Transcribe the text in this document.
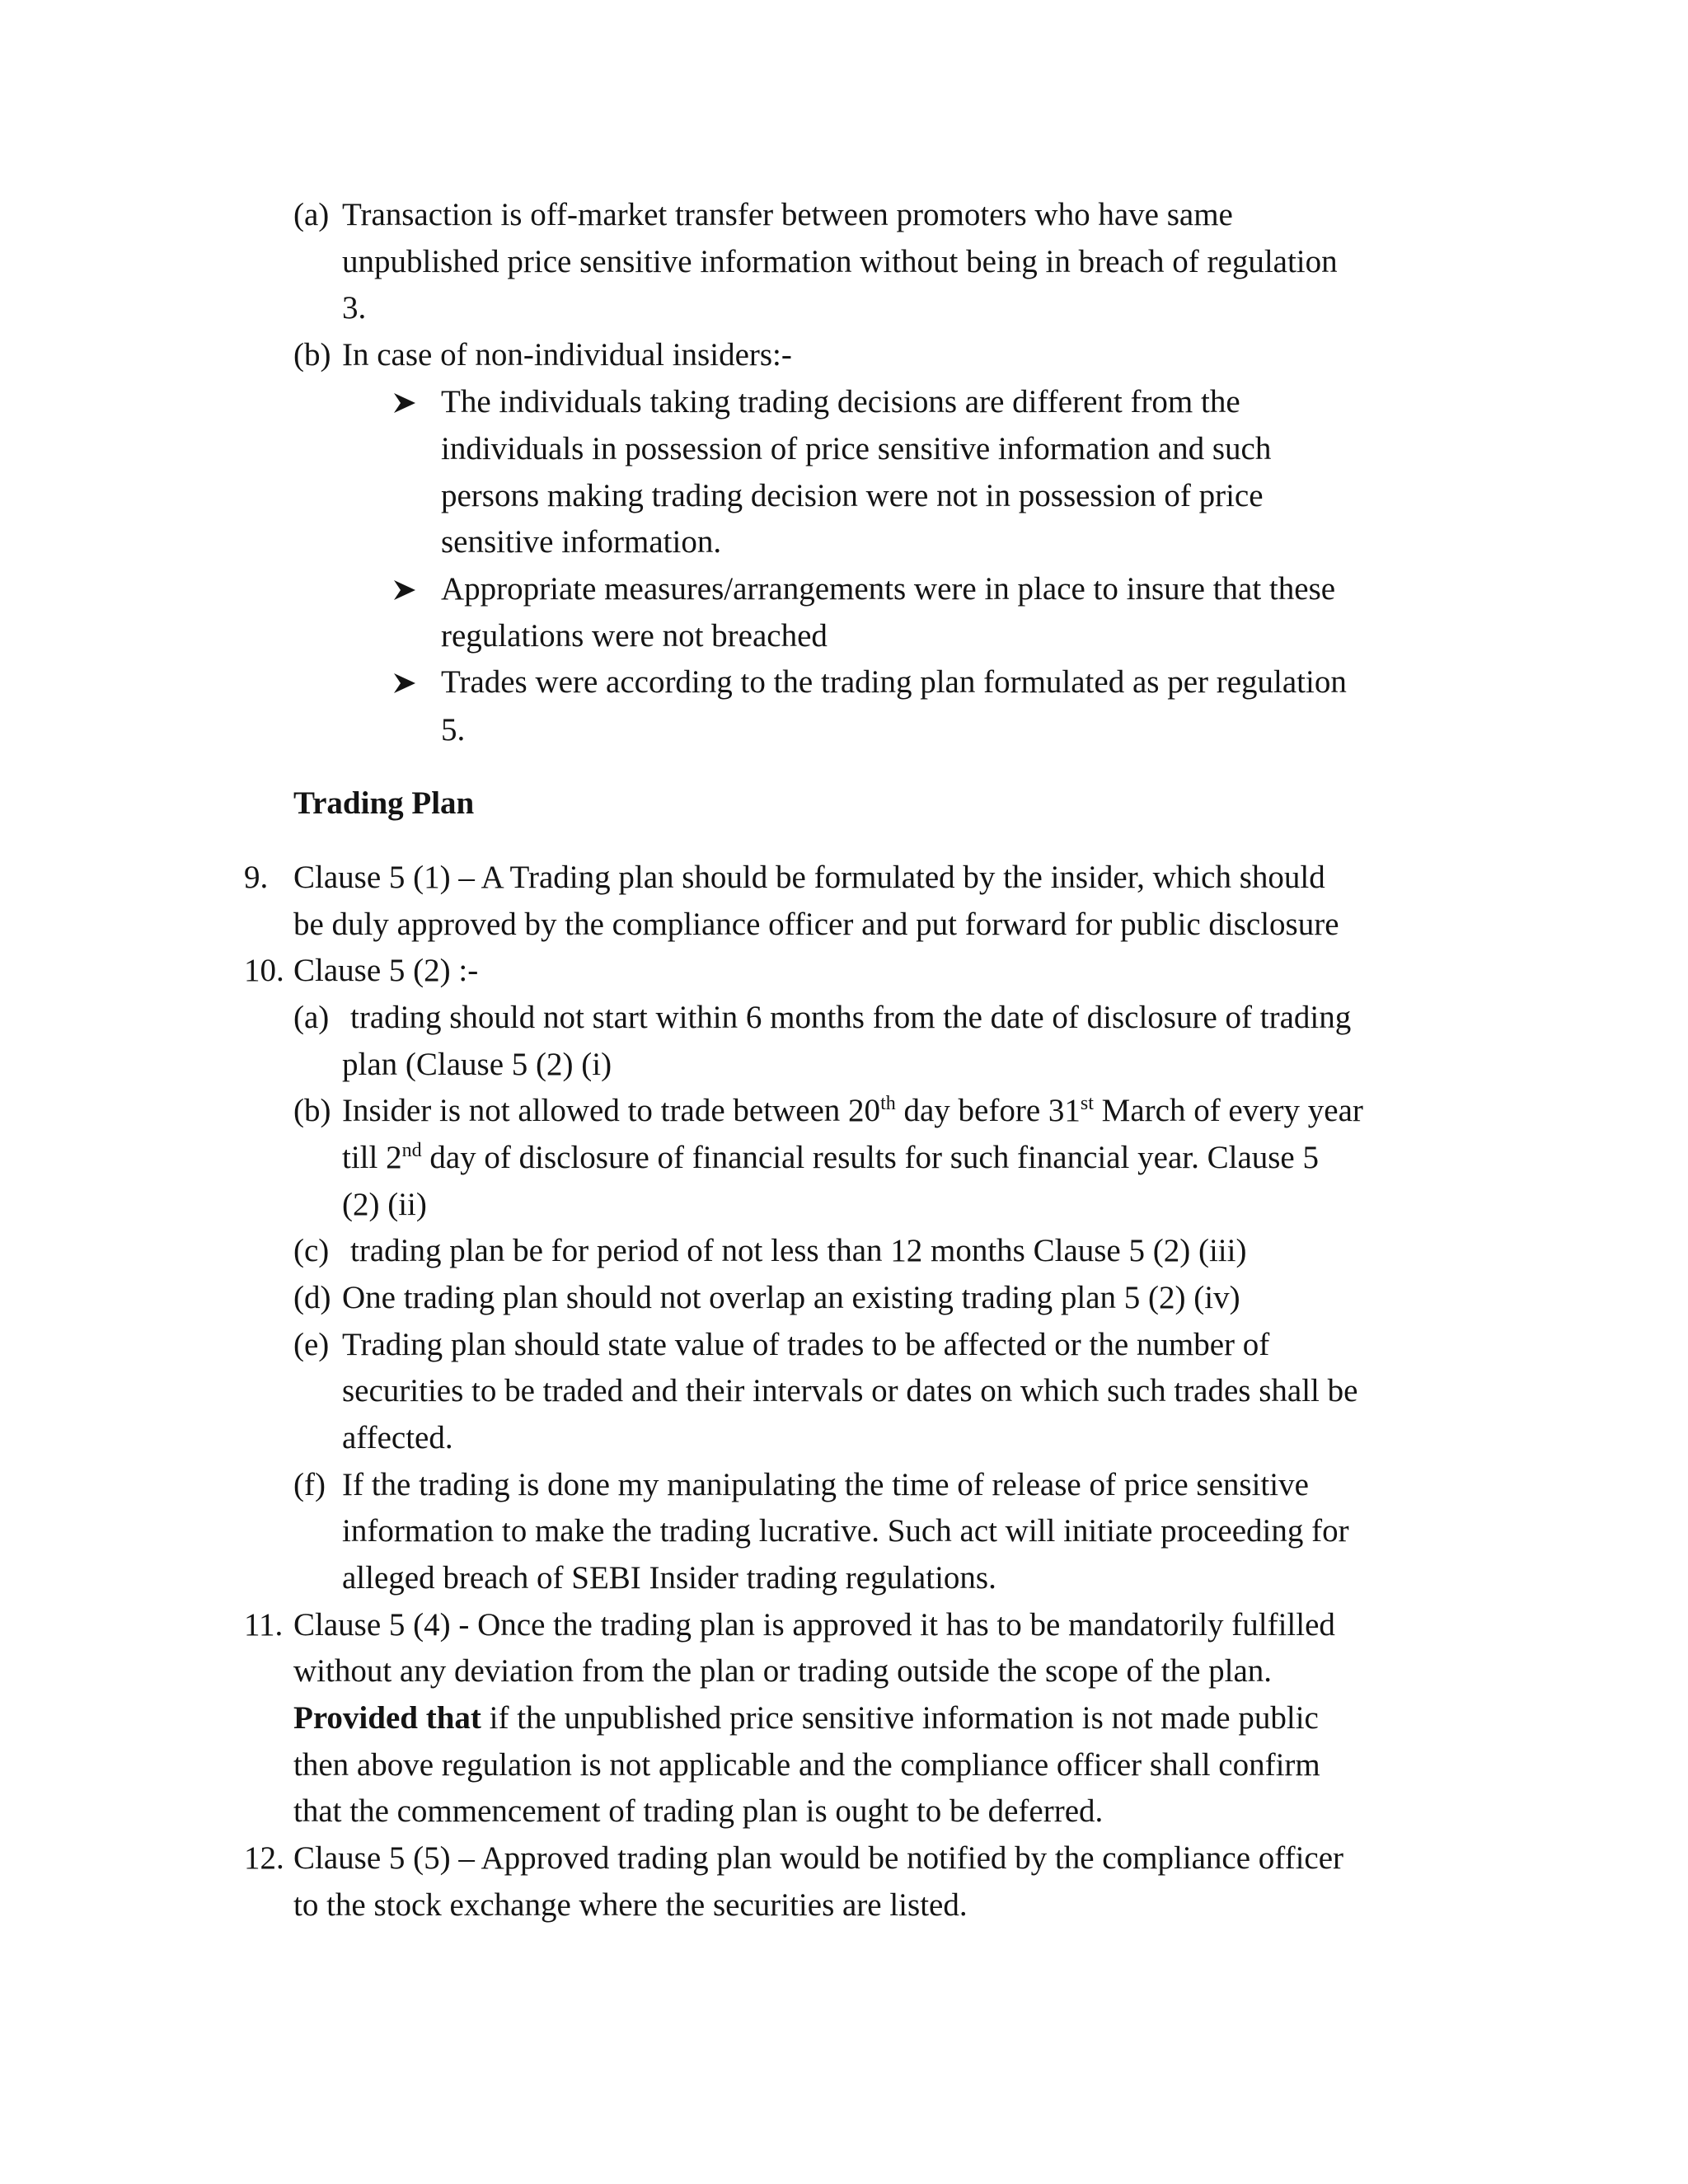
(a) Transaction is off-market transfer between promoters who have same
unpublished price sensitive information without being in breach of regulation
3.
(b) In case of non-individual insiders:-
The individuals taking trading decisions are different from the
individuals in possession of price sensitive information and such
persons making trading decision were not in possession of price
sensitive information.
Appropriate measures/arrangements were in place to insure that these
regulations were not breached
Trades were according to the trading plan formulated as per regulation
5.
Trading Plan
9. Clause 5 (1) – A Trading plan should be formulated by the insider, which should
be duly approved by the compliance officer and put forward for public disclosure
10. Clause 5 (2) :-
(a) trading should not start within 6 months from the date of disclosure of trading
plan (Clause 5 (2) (i)
(b) Insider is not allowed to trade between 20th day before 31st March of every year
till 2nd day of disclosure of financial results for such financial year. Clause 5
(2) (ii)
(c) trading plan be for period of not less than 12 months Clause 5 (2) (iii)
(d) One trading plan should not overlap an existing trading plan 5 (2) (iv)
(e) Trading plan should state value of trades to be affected or the number of
securities to be traded and their intervals or dates on which such trades shall be
affected.
(f) If the trading is done my manipulating the time of release of price sensitive
information to make the trading lucrative. Such act will initiate proceeding for
alleged breach of SEBI Insider trading regulations.
11. Clause 5 (4) - Once the trading plan is approved it has to be mandatorily fulfilled
without any deviation from the plan or trading outside the scope of the plan.
Provided that if the unpublished price sensitive information is not made public
then above regulation is not applicable and the compliance officer shall confirm
that the commencement of trading plan is ought to be deferred.
12. Clause 5 (5) – Approved trading plan would be notified by the compliance officer
to the stock exchange where the securities are listed.
